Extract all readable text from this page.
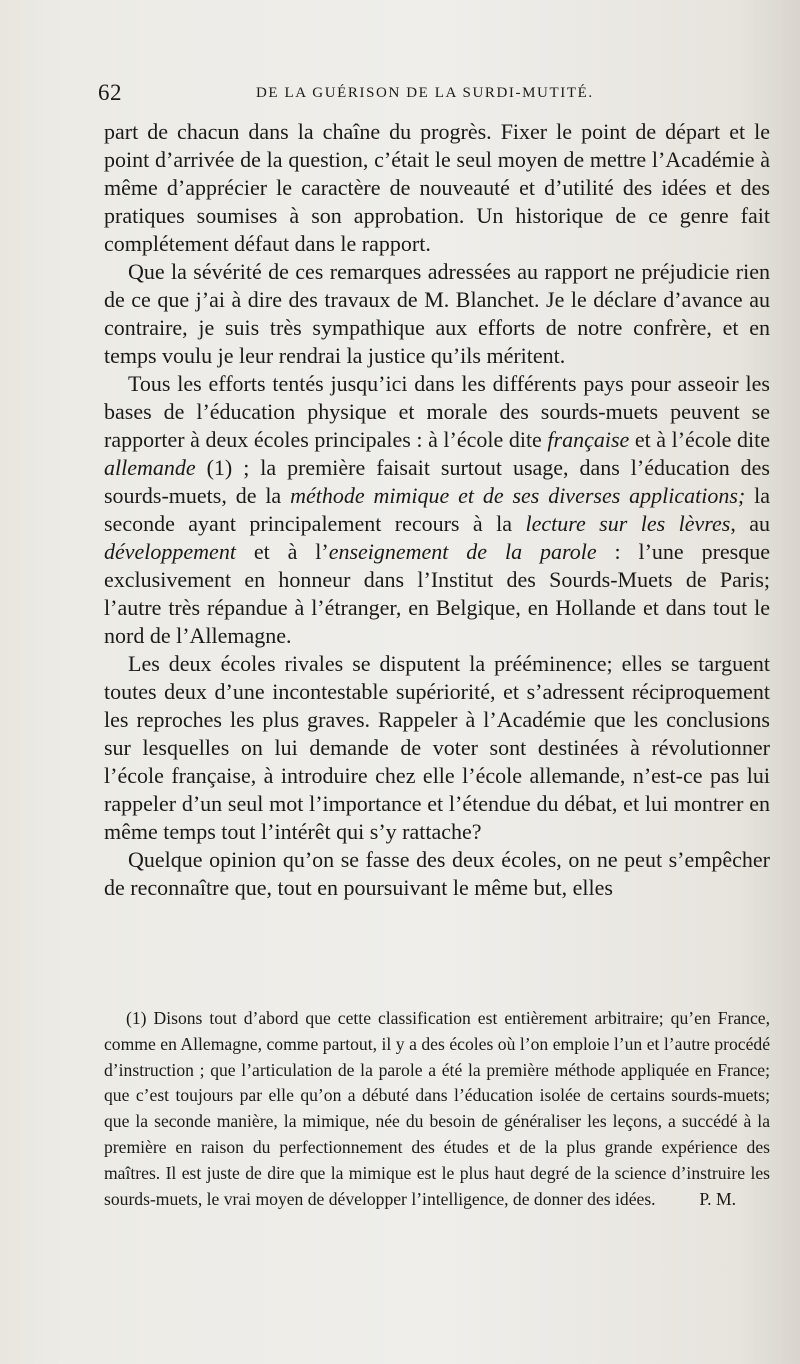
62	DE LA GUÉRISON DE LA SURDI-MUTITÉ.

part de chacun dans la chaîne du progrès. Fixer le point de départ et le point d’arrivée de la question, c’était le seul moyen de mettre l’Académie à même d’apprécier le caractère de nouveauté et d’utilité des idées et des pratiques soumises à son approbation. Un historique de ce genre fait complétement défaut dans le rapport.

Que la sévérité de ces remarques adressées au rapport ne préjudicie rien de ce que j’ai à dire des travaux de M. Blanchet. Je le déclare d’avance au contraire, je suis très sympathique aux efforts de notre confrère, et en temps voulu je leur rendrai la justice qu’ils méritent.

Tous les efforts tentés jusqu’ici dans les différents pays pour asseoir les bases de l’éducation physique et morale des sourds-muets peuvent se rapporter à deux écoles principales : à l’école dite française et à l’école dite allemande (1) ; la première faisait surtout usage, dans l’éducation des sourds-muets, de la méthode mimique et de ses diverses applications; la seconde ayant principalement recours à la lecture sur les lèvres, au développement et à l’enseignement de la parole : l’une presque exclusivement en honneur dans l’Institut des Sourds-Muets de Paris; l’autre très répandue à l’étranger, en Belgique, en Hollande et dans tout le nord de l’Allemagne.

Les deux écoles rivales se disputent la prééminence; elles se targuent toutes deux d’une incontestable supériorité, et s’adressent réciproquement les reproches les plus graves. Rappeler à l’Académie que les conclusions sur lesquelles on lui demande de voter sont destinées à révolutionner l’école française, à introduire chez elle l’école allemande, n’est-ce pas lui rappeler d’un seul mot l’importance et l’étendue du débat, et lui montrer en même temps tout l’intérêt qui s’y rattache?

Quelque opinion qu’on se fasse des deux écoles, on ne peut s’empêcher de reconnaître que, tout en poursuivant le même but, elles

(1) Disons tout d’abord que cette classification est entièrement arbitraire; qu’en France, comme en Allemagne, comme partout, il y a des écoles où l’on emploie l’un et l’autre procédé d’instruction ; que l’articulation de la parole a été la première méthode appliquée en France; que c’est toujours par elle qu’on a débuté dans l’éducation isolée de certains sourds-muets; que la seconde manière, la mimique, née du besoin de généraliser les leçons, a succédé à la première en raison du perfectionnement des études et de la plus grande expérience des maîtres. Il est juste de dire que la mimique est le plus haut degré de la science d’instruire les sourds-muets, le vrai moyen de développer l’intelligence, de donner des idées.	P. M.
